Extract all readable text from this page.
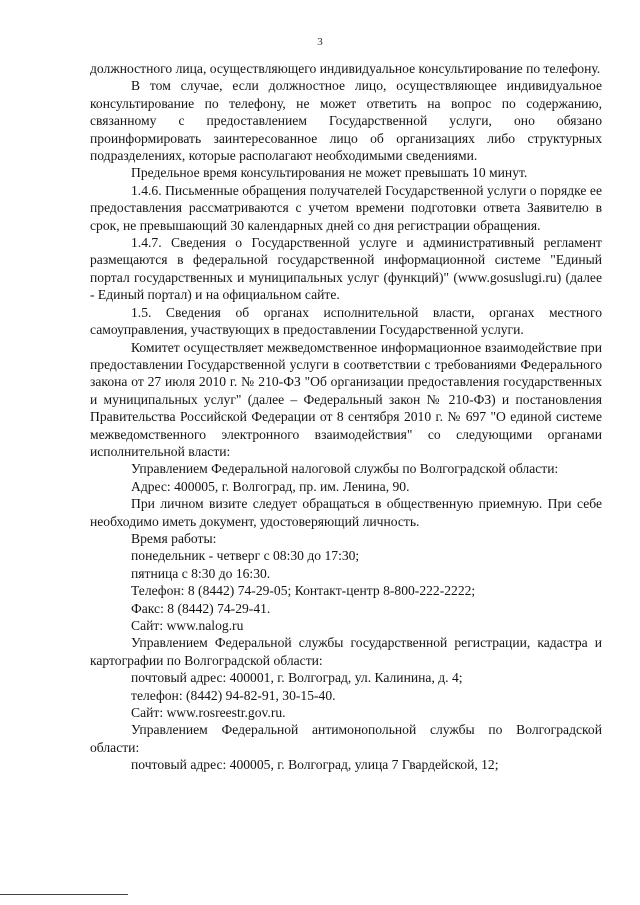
3

должностного лица, осуществляющего индивидуальное консультирование по телефону.

В том случае, если должностное лицо, осуществляющее индивидуальное консультирование по телефону, не может ответить на вопрос по содержанию, связанному с предоставлением Государственной услуги, оно обязано проинформировать заинтересованное лицо об организациях либо структурных подразделениях, которые располагают необходимыми сведениями.

Предельное время консультирования не может превышать 10 минут.

1.4.6. Письменные обращения получателей Государственной услуги о порядке ее предоставления рассматриваются с учетом времени подготовки ответа Заявителю в срок, не превышающий 30 календарных дней со дня регистрации обращения.

1.4.7. Сведения о Государственной услуге и административный регламент размещаются в федеральной государственной информационной системе "Единый портал государственных и муниципальных услуг (функций)" (www.gosuslugi.ru) (далее - Единый портал) и на официальном сайте.

1.5. Сведения об органах исполнительной власти, органах местного самоуправления, участвующих в предоставлении Государственной услуги.

Комитет осуществляет межведомственное информационное взаимодействие при предоставлении Государственной услуги в соответствии с требованиями Федерального закона от 27 июля 2010 г. № 210-ФЗ "Об организации предоставления государственных и муниципальных услуг" (далее – Федеральный закон № 210-ФЗ) и постановления Правительства Российской Федерации от 8 сентября 2010 г. № 697 "О единой системе межведомственного электронного взаимодействия" со следующими органами исполнительной власти:

Управлением Федеральной налоговой службы по Волгоградской области:

Адрес: 400005, г. Волгоград, пр. им. Ленина, 90.

При личном визите следует обращаться в общественную приемную. При себе необходимо иметь документ, удостоверяющий личность.

Время работы:

понедельник - четверг с 08:30 до 17:30;

пятница с 8:30 до 16:30.

Телефон: 8 (8442) 74-29-05; Контакт-центр 8-800-222-2222;

Факс: 8 (8442) 74-29-41.

Сайт: www.nalog.ru

Управлением Федеральной службы государственной регистрации, кадастра и картографии по Волгоградской области:

почтовый адрес: 400001, г. Волгоград, ул. Калинина, д. 4;

телефон: (8442) 94-82-91, 30-15-40.

Сайт: www.rosreestr.gov.ru.

Управлением Федеральной антимонопольной службы по Волгоградской области:

почтовый адрес: 400005, г. Волгоград, улица 7 Гвардейской, 12;
